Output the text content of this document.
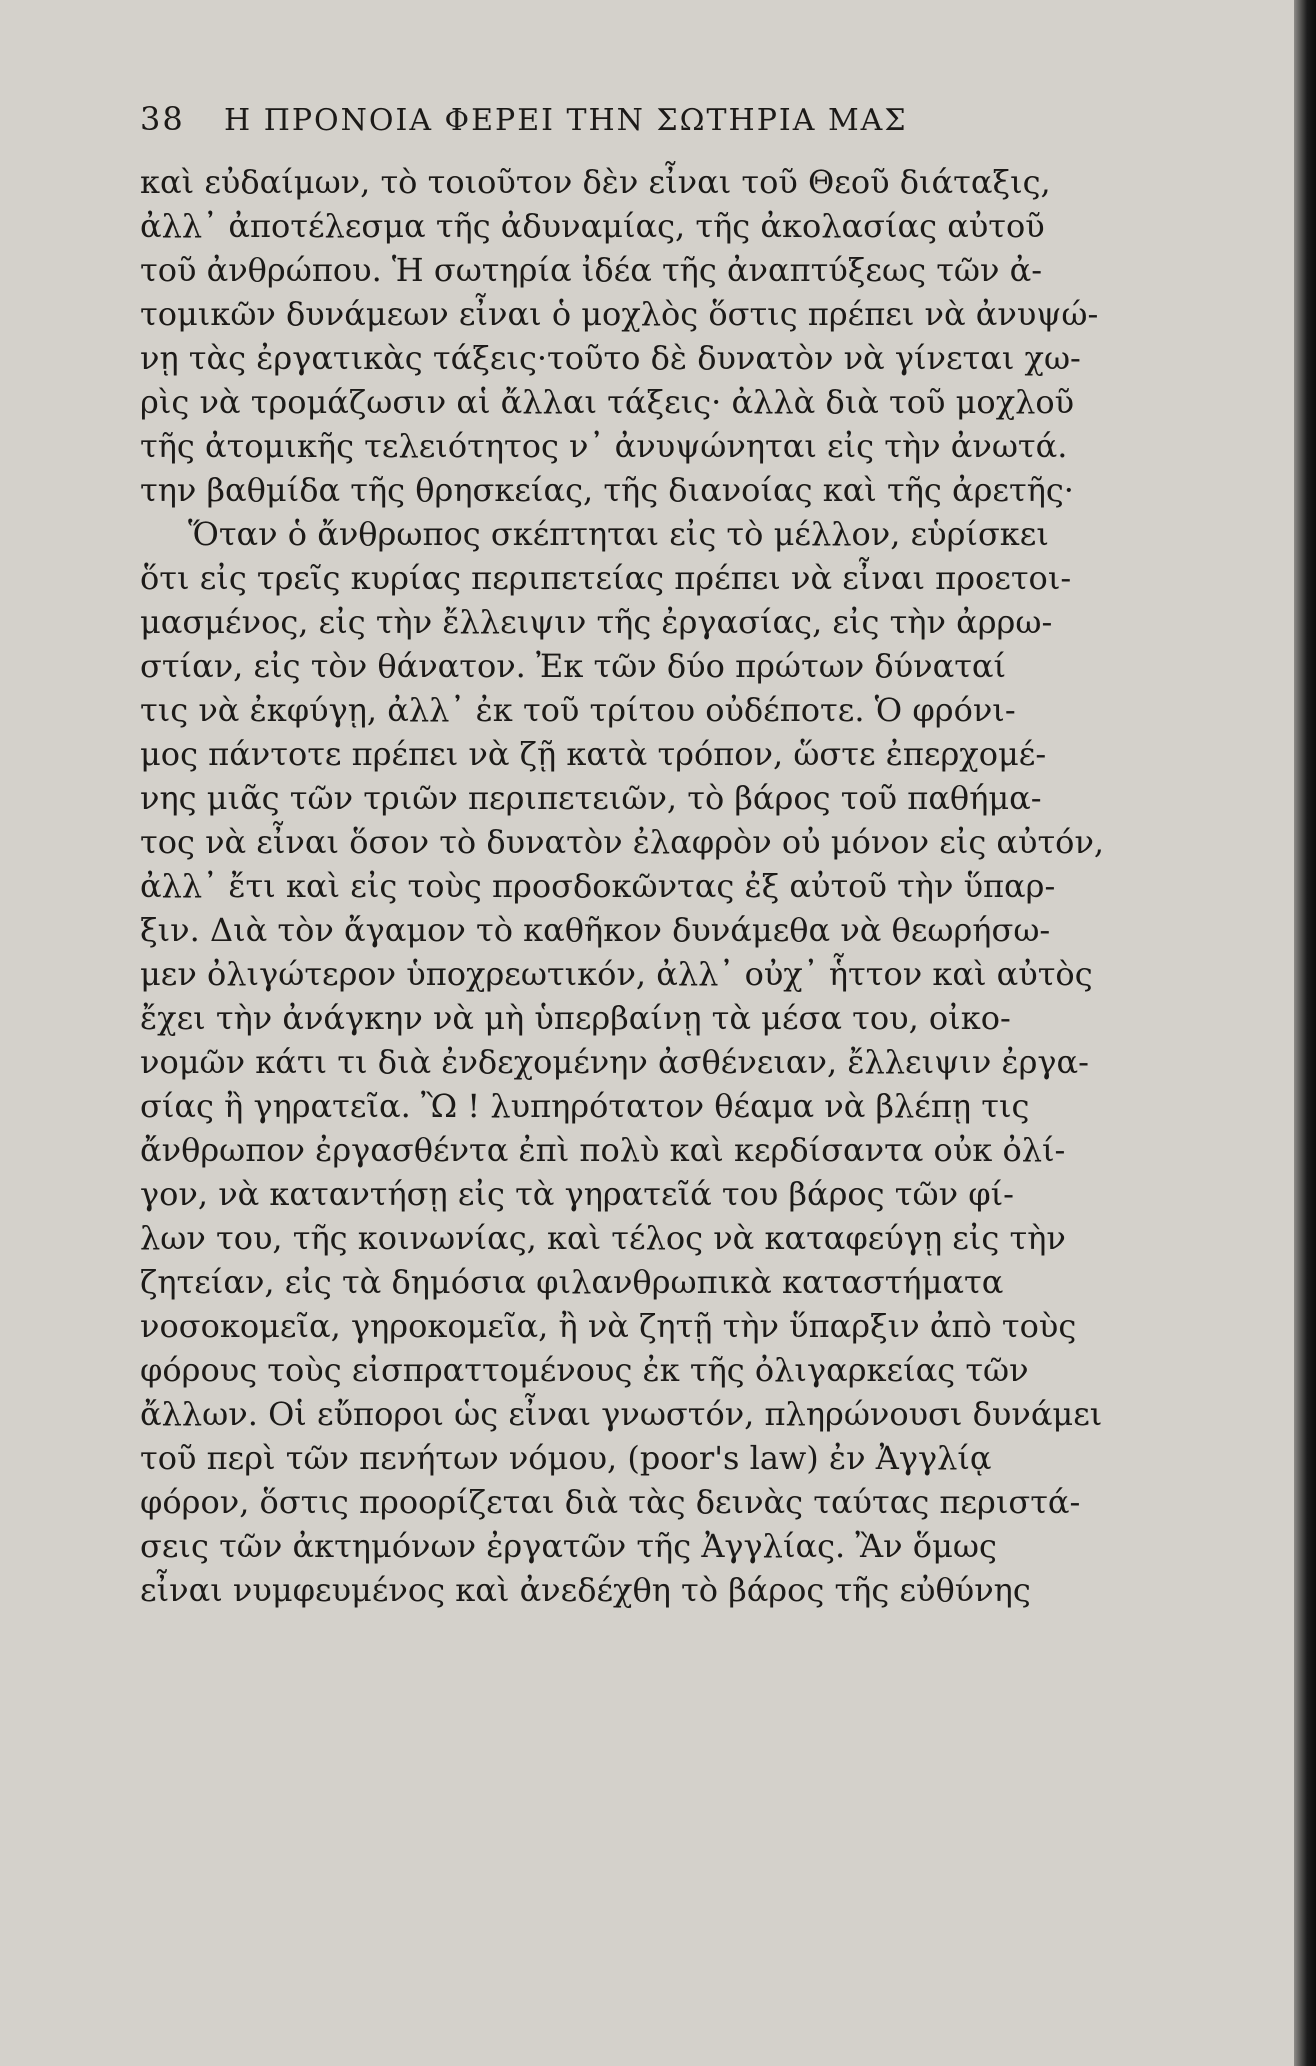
38	Η ΠΡΟΝΟΙΑ ΦΕΡΕΙ ΤΗΝ ΣΩΤΗΡΙΑ ΜΑΣ
καὶ εὐδαίμων, τὸ τοιοῦτον δὲν εἶναι τοῦ Θεοῦ διάταξις,
ἀλλ᾽ ἀποτέλεσμα τῆς ἀδυναμίας, τῆς ἀκολασίας αὐτοῦ
τοῦ ἀνθρώπου. Ἡ σωτηρία ἰδέα τῆς ἀναπτύξεως τῶν ἀ-
τομικῶν δυνάμεων εἶναι ὁ μοχλὸς ὅστις πρέπει νὰ ἀνυψώ-
νῃ τὰς ἐργατικὰς τάξεις·τοῦτο δὲ δυνατὸν νὰ γίνεται χω-
ρὶς νὰ τρομάζωσιν αἱ ἄλλαι τάξεις· ἀλλὰ διὰ τοῦ μοχλοῦ
τῆς ἀτομικῆς τελειότητος ν᾽ ἀνυψώνηται εἰς τὴν ἀνωτά.
την βαθμίδα τῆς θρησκείας, τῆς διανοίας καὶ τῆς ἀρετῆς·
Ὅταν ὁ ἄνθρωπος σκέπτηται εἰς τὸ μέλλον, εὑρίσκει
ὅτι εἰς τρεῖς κυρίας περιπετείας πρέπει νὰ εἶναι προετοι-
μασμένος, εἰς τὴν ἔλλειψιν τῆς ἐργασίας, εἰς τὴν ἀρρω-
στίαν, εἰς τὸν θάνατον. Ἐκ τῶν δύο πρώτων δύναταί
τις νὰ ἐκφύγῃ, ἀλλ᾽ ἐκ τοῦ τρίτου οὐδέποτε. Ὁ φρόνι-
μος πάντοτε πρέπει νὰ ζῇ κατὰ τρόπον, ὥστε ἐπερχομέ-
νης μιᾶς τῶν τριῶν περιπετειῶν, τὸ βάρος τοῦ παθήμα-
τος νὰ εἶναι ὅσον τὸ δυνατὸν ἐλαφρὸν οὐ μόνον εἰς αὐτόν,
ἀλλ᾽ ἔτι καὶ εἰς τοὺς προσδοκῶντας ἐξ αὐτοῦ τὴν ὕπαρ-
ξιν. Διὰ τὸν ἄγαμον τὸ καθῆκον δυνάμεθα νὰ θεωρήσω-
μεν ὀλιγώτερον ὑποχρεωτικόν, ἀλλ᾽ οὐχ᾽ ἧττον καὶ αὐτὸς
ἔχει τὴν ἀνάγκην νὰ μὴ ὑπερβαίνῃ τὰ μέσα του, οἰκο-
νομῶν κάτι τι διὰ ἐνδεχομένην ἀσθένειαν, ἔλλειψιν ἐργα-
σίας ἢ γηρατεῖα. Ὢ ! λυπηρότατον θέαμα νὰ βλέπῃ τις
ἄνθρωπον ἐργασθέντα ἐπὶ πολὺ καὶ κερδίσαντα οὐκ ὀλί-
γον, νὰ καταντήσῃ εἰς τὰ γηρατεῖά του βάρος τῶν φί-
λων του, τῆς κοινωνίας, καὶ τέλος νὰ καταφεύγῃ εἰς τὴν
ζητείαν, εἰς τὰ δημόσια φιλανθρωπικὰ καταστήματα
νοσοκομεῖα, γηροκομεῖα, ἢ νὰ ζητῇ τὴν ὕπαρξιν ἀπὸ τοὺς
φόρους τοὺς εἰσπραττομένους ἐκ τῆς ὀλιγαρκείας τῶν
ἄλλων. Οἱ εὔποροι ὡς εἶναι γνωστόν, πληρώνουσι δυνάμει
τοῦ περὶ τῶν πενήτων νόμου, (poor's law) ἐν Ἀγγλίᾳ
φόρον, ὅστις προορίζεται διὰ τὰς δεινὰς ταύτας περιστά-
σεις τῶν ἀκτημόνων ἐργατῶν τῆς Ἀγγλίας. Ἂν ὅμως
εἶναι νυμφευμένος καὶ ἀνεδέχθη τὸ βάρος τῆς εὐθύνης
